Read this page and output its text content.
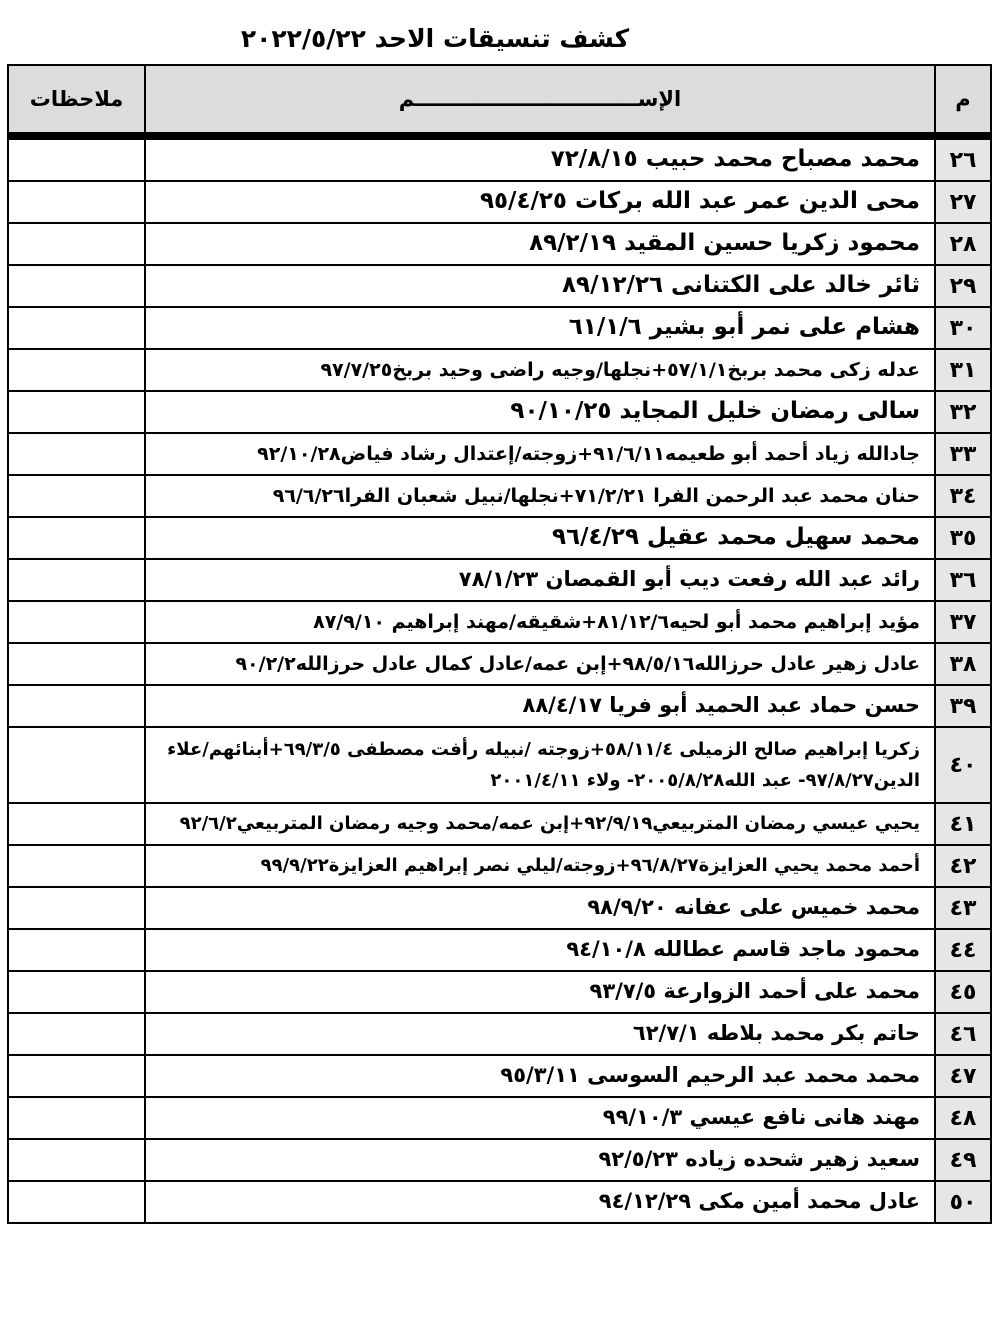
كشف تنسيقات الاحد ٢٠٢٢/٥/٢٢
م	الإســـــــــــــــــــــــــــــــم	ملاحظات

٢٦	محمد مصباح محمد حبيب ٧٢/٨/١٥	
٢٧	محى الدين عمر عبد الله بركات ٩٥/٤/٢٥	
٢٨	محمود زكريا حسين المقيد ٨٩/٢/١٩	
٢٩	ثائر خالد على الكتنانى ٨٩/١٢/٢٦	
٣٠	هشام على نمر أبو بشير ٦١/١/٦	
٣١	عدله زكى محمد بربخ٥٧/١/١+نجلها/وجيه راضى وحيد بربخ٩٧/٧/٢٥	
٣٢	سالى رمضان خليل المجايد ٩٠/١٠/٢٥	
٣٣	جادالله زياد أحمد أبو طعيمه٩١/٦/١١+زوجته/إعتدال رشاد فياض٩٢/١٠/٢٨	
٣٤	حنان محمد عبد الرحمن الفرا ٧١/٢/٢١+نجلها/نبيل شعبان الفرا٩٦/٦/٢٦	
٣٥	محمد سهيل محمد عقيل ٩٦/٤/٢٩	
٣٦	رائد عبد الله رفعت ديب أبو القمصان ٧٨/١/٢٣	
٣٧	مؤيد إبراهيم محمد أبو لحيه٨١/١٢/٦+شقيقه/مهند إبراهيم ٨٧/٩/١٠	
٣٨	عادل زهير عادل حرزالله٩٨/٥/١٦+إبن عمه/عادل كمال عادل حرزالله٩٠/٢/٢	
٣٩	حسن حماد عبد الحميد أبو فريا ٨٨/٤/١٧	
٤٠	زكريا إبراهيم صالح الزميلى ٥٨/١١/٤+زوجته /نبيله رأفت مصطفى ٦٩/٣/٥+أبنائهم/علاء الدين٩٧/٨/٢٧- عبد الله٢٠٠٥/٨/٢٨- ولاء ٢٠٠١/٤/١١	
٤١	يحيي عيسي رمضان المتربيعي٩٢/٩/١٩+إبن عمه/محمد وجيه رمضان المتربيعي٩٢/٦/٢	
٤٢	أحمد محمد يحيي العزايزة٩٦/٨/٢٧+زوجته/ليلي نصر إبراهيم العزايزة٩٩/٩/٢٢	
٤٣	محمد خميس على عفانه ٩٨/٩/٢٠	
٤٤	محمود ماجد قاسم عطالله ٩٤/١٠/٨	
٤٥	محمد على أحمد الزوارعة ٩٣/٧/٥	
٤٦	حاتم بكر محمد بلاطه ٦٢/٧/١	
٤٧	محمد محمد عبد الرحيم السوسى ٩٥/٣/١١	
٤٨	مهند هانى نافع عيسي ٩٩/١٠/٣	
٤٩	سعيد زهير شحده زياده ٩٢/٥/٢٣	
٥٠	عادل محمد أمين مكى ٩٤/١٢/٢٩	
